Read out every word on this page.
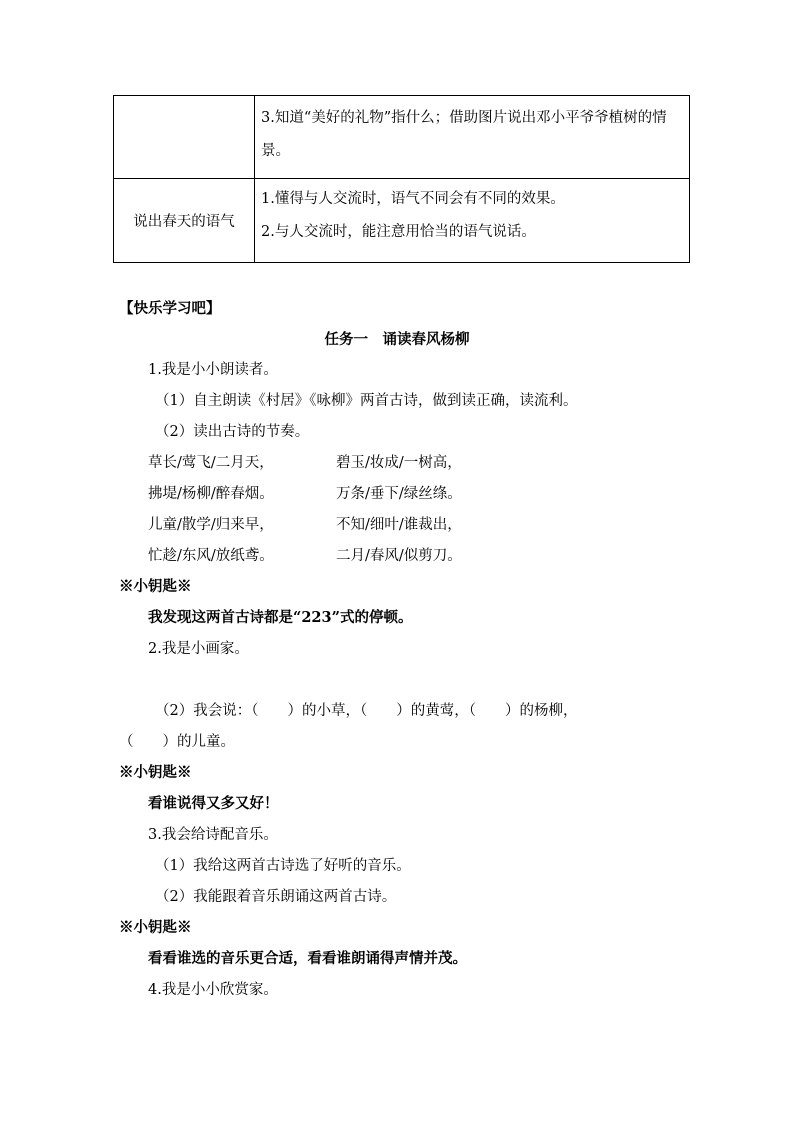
	3.知道“美好的礼物”指什么；借助图片说出邓小平爷爷植树的情景。

说出春天的语气	1.懂得与人交流时，语气不同会有不同的效果。
2.与人交流时，能注意用恰当的语气说话。
【快乐学习吧】
任务一　诵读春风杨柳
1.我是小小朗读者。
（1）自主朗读《村居》《咏柳》两首古诗，做到读正确，读流利。
（2）读出古诗的节奏。
草长/莺飞/二月天，	碧玉/妆成/一树高，
拂堤/杨柳/醉春烟。	万条/垂下/绿丝绦。
儿童/散学/归来早，	不知/细叶/谁裁出，
忙趁/东风/放纸鸢。	二月/春风/似剪刀。
※小钥匙※
我发现这两首古诗都是“223”式的停顿。
2.我是小画家。
（2）我会说：（　　）的小草，（　　）的黄莺，（　　）的杨柳，
（　　）的儿童。
※小钥匙※
看谁说得又多又好！
3.我会给诗配音乐。
（1）我给这两首古诗选了好听的音乐。
（2）我能跟着音乐朗诵这两首古诗。
※小钥匙※
看看谁选的音乐更合适，看看谁朗诵得声情并茂。
4.我是小小欣赏家。
